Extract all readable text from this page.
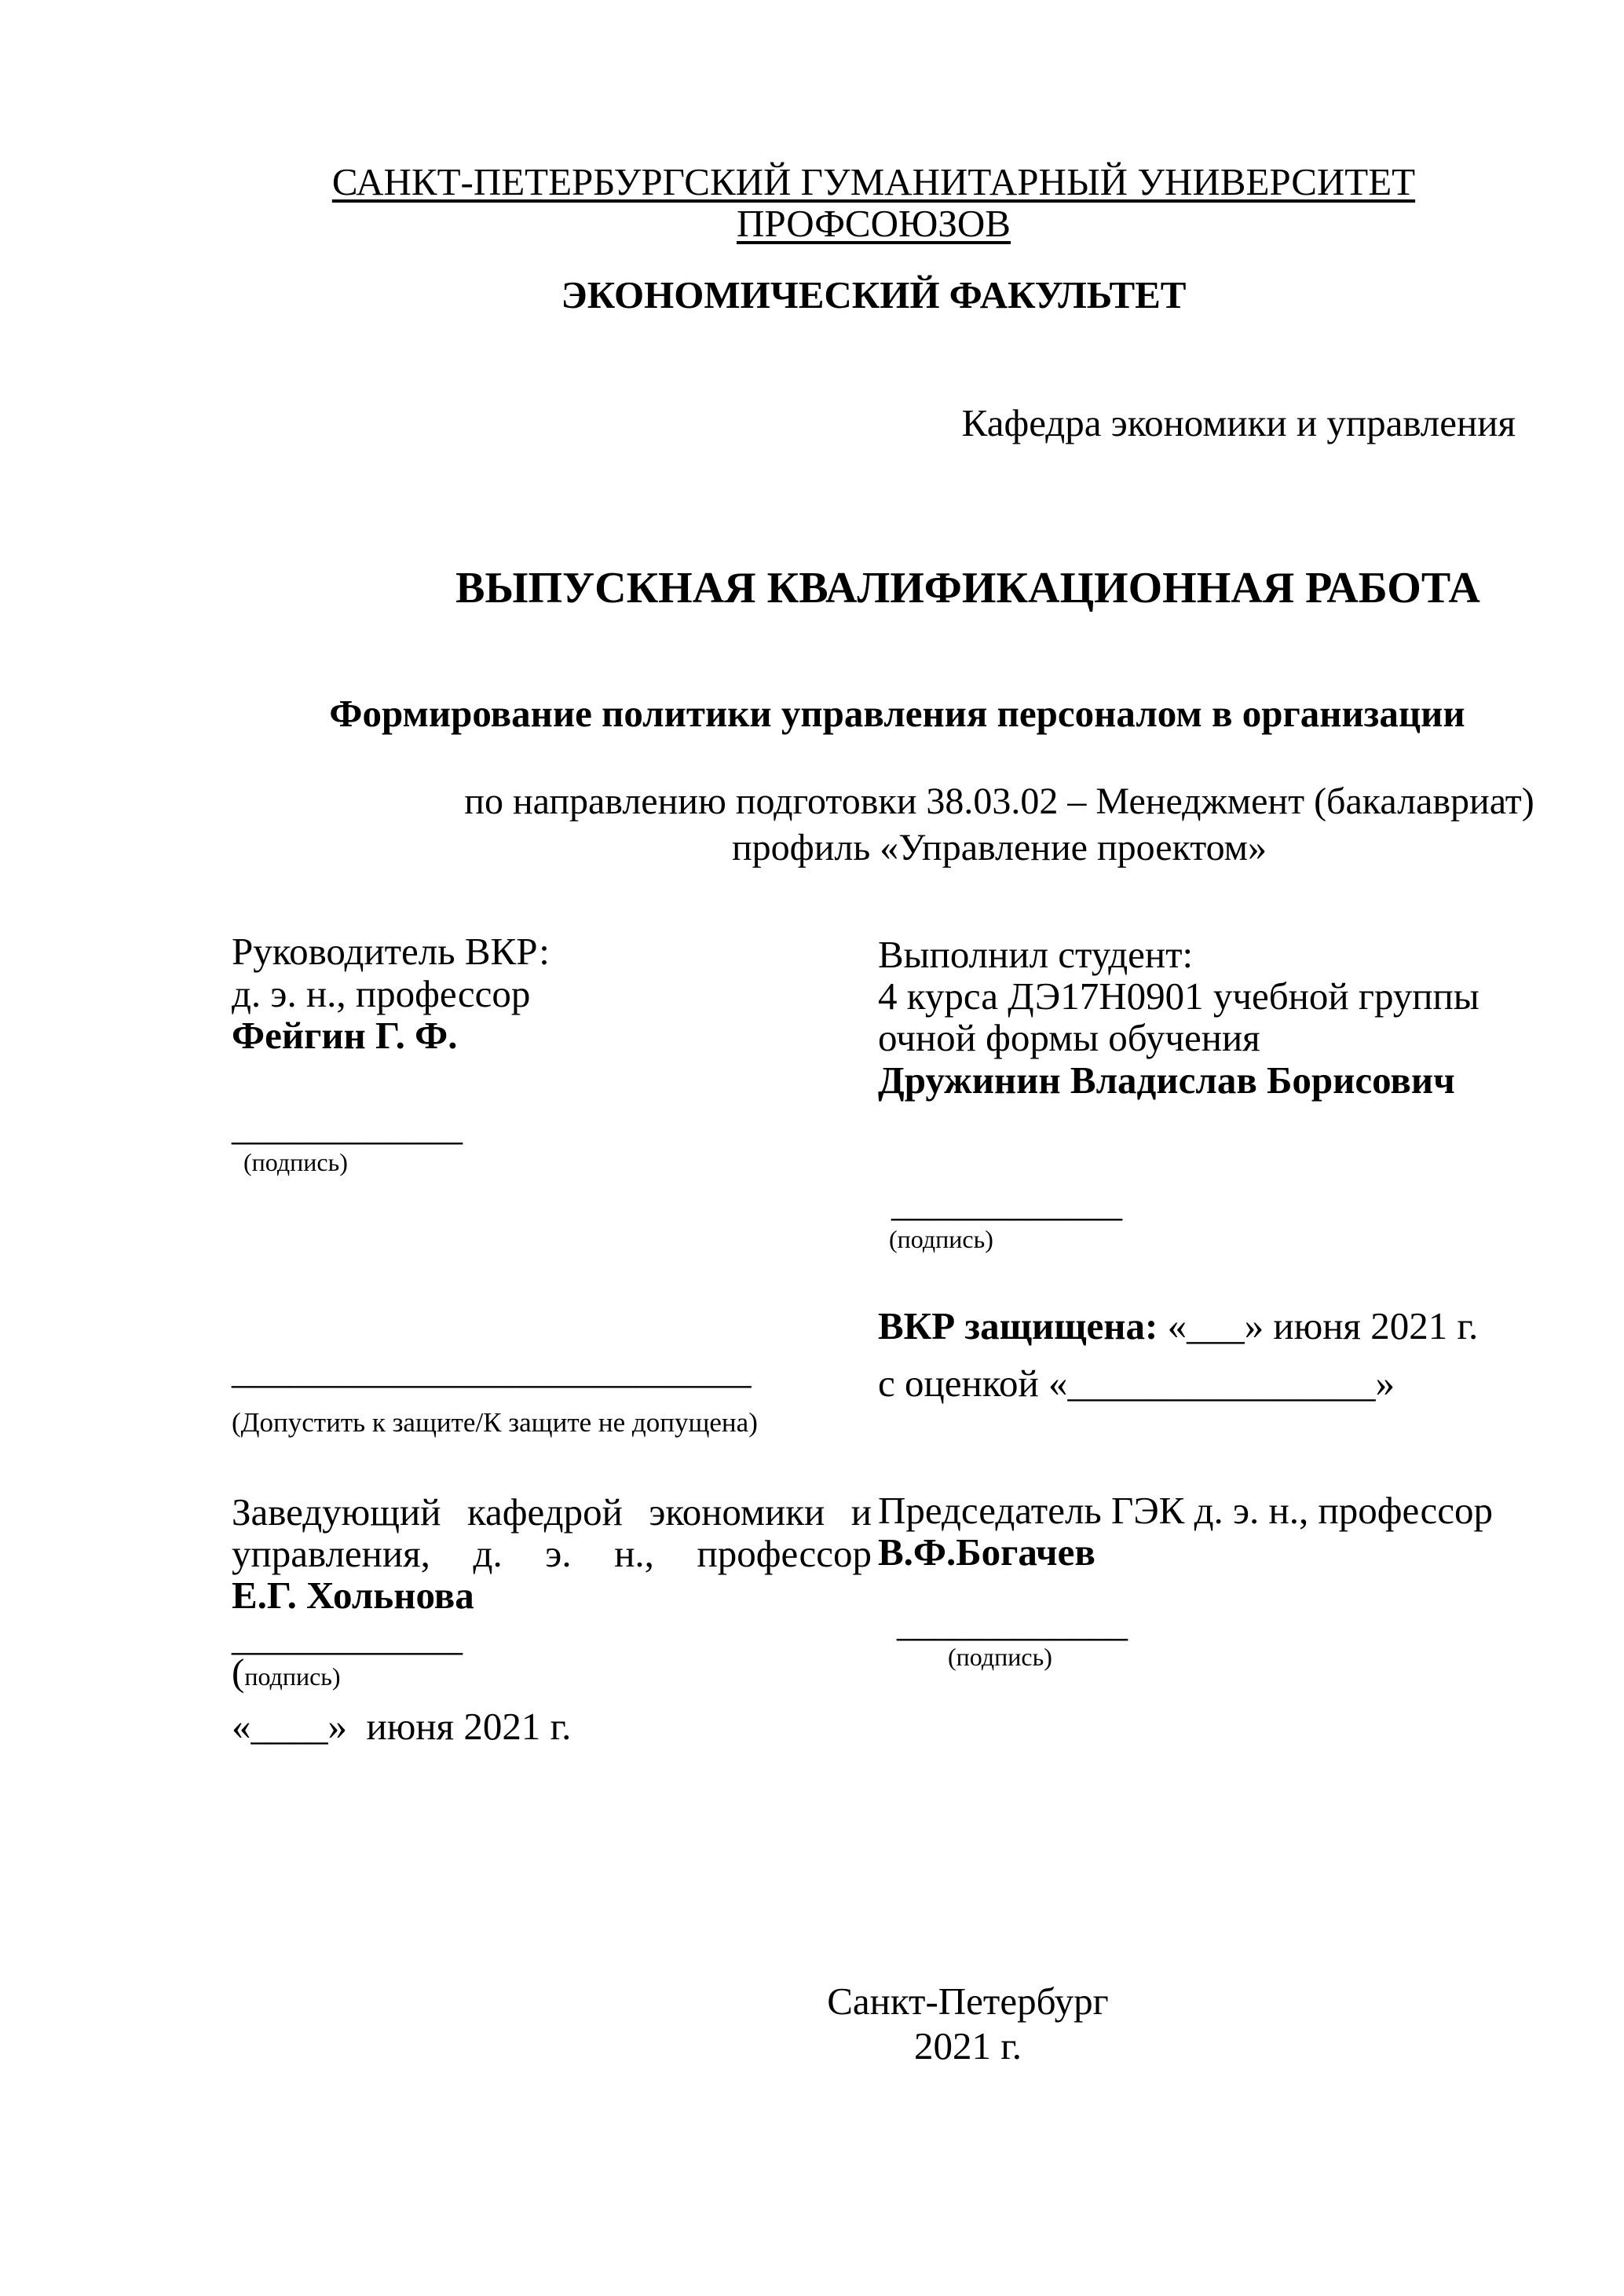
САНКТ-ПЕТЕРБУРГСКИЙ ГУМАНИТАРНЫЙ УНИВЕРСИТЕТ ПРОФСОЮЗОВ
ЭКОНОМИЧЕСКИЙ ФАКУЛЬТЕТ
Кафедра экономики и управления
ВЫПУСКНАЯ КВАЛИФИКАЦИОННАЯ РАБОТА
Формирование политики управления персоналом в организации
по направлению подготовки 38.03.02 – Менеджмент (бакалавриат)
профиль «Управление проектом»
Руководитель ВКР:
д. э. н., профессор
Фейгин Г. Ф.
____________
(подпись)
Выполнил студент:
4 курса ДЭ17Н0901 учебной группы
очной формы обучения
Дружинин Владислав Борисович
____________
(подпись)
ВКР защищена: «___» июня 2021 г.
с оценкой «________________»
___________________________
(Допустить к защите/К защите не допущена)
Заведующий кафедрой экономики и
управления, д. э. н., профессор
Е.Г. Хольнова
____________
(подпись)
«____»  июня 2021 г.
Председатель ГЭК д. э. н., профессор
В.Ф.Богачев
____________
(подпись)
Санкт-Петербург
2021 г.
